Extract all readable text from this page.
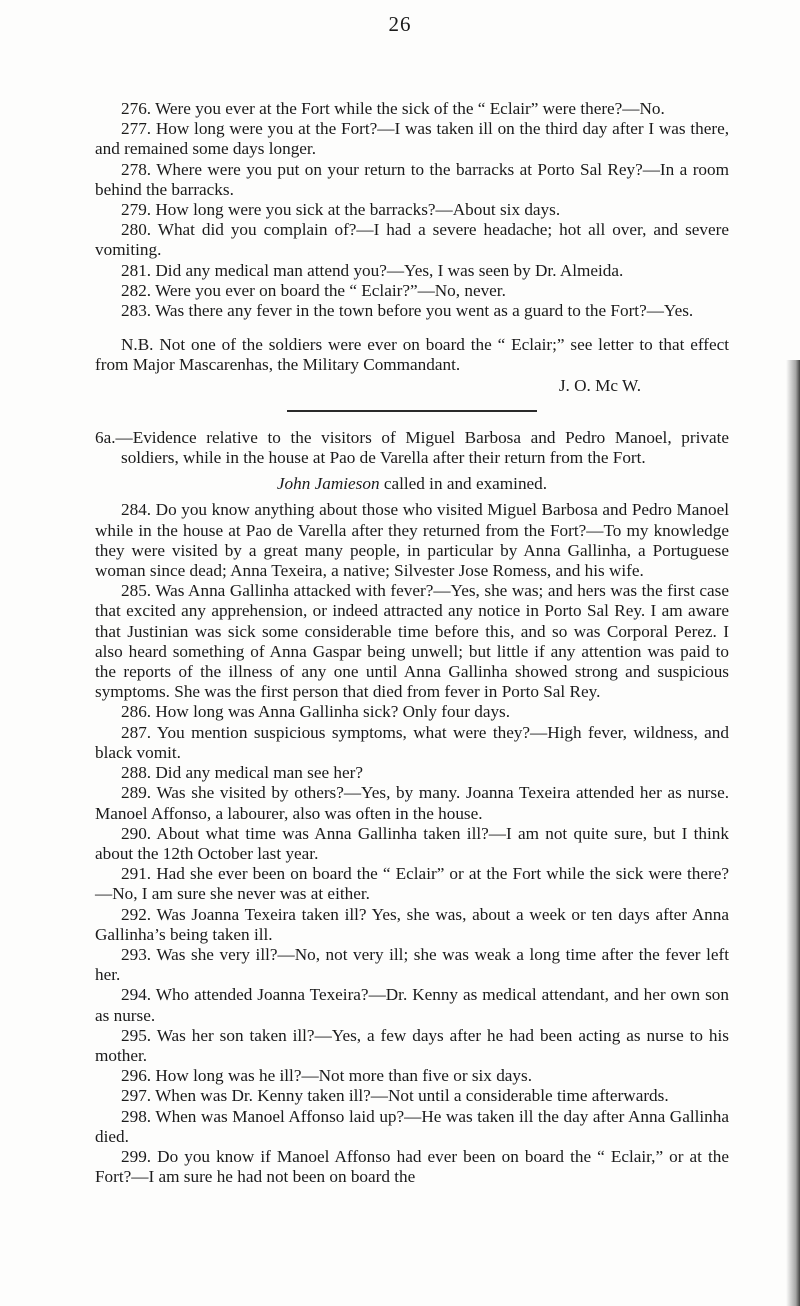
26

276. Were you ever at the Fort while the sick of the “ Eclair” were there?—No.

277. How long were you at the Fort?—I was taken ill on the third day after I was there, and remained some days longer.

278. Where were you put on your return to the barracks at Porto Sal Rey?—In a room behind the barracks.

279. How long were you sick at the barracks?—About six days.

280. What did you complain of?—I had a severe headache; hot all over, and severe vomiting.

281. Did any medical man attend you?—Yes, I was seen by Dr. Almeida.

282. Were you ever on board the “ Eclair?”—No, never.

283. Was there any fever in the town before you went as a guard to the Fort?—Yes.

N.B. Not one of the soldiers were ever on board the “ Eclair;” see letter to that effect from Major Mascarenhas, the Military Commandant.

J. O. Mc W.

6a.—Evidence relative to the visitors of Miguel Barbosa and Pedro Manoel, private soldiers, while in the house at Pao de Varella after their return from the Fort.

John Jamieson called in and examined.

284. Do you know anything about those who visited Miguel Barbosa and Pedro Manoel while in the house at Pao de Varella after they returned from the Fort?—To my knowledge they were visited by a great many people, in particular by Anna Gallinha, a Portuguese woman since dead; Anna Texeira, a native; Silvester Jose Romess, and his wife.

285. Was Anna Gallinha attacked with fever?—Yes, she was; and hers was the first case that excited any apprehension, or indeed attracted any notice in Porto Sal Rey. I am aware that Justinian was sick some considerable time before this, and so was Corporal Perez. I also heard something of Anna Gaspar being unwell; but little if any attention was paid to the reports of the illness of any one until Anna Gallinha showed strong and suspicious symptoms. She was the first person that died from fever in Porto Sal Rey.

286. How long was Anna Gallinha sick? Only four days.

287. You mention suspicious symptoms, what were they?—High fever, wildness, and black vomit.

288. Did any medical man see her?

289. Was she visited by others?—Yes, by many. Joanna Texeira attended her as nurse. Manoel Affonso, a labourer, also was often in the house.

290. About what time was Anna Gallinha taken ill?—I am not quite sure, but I think about the 12th October last year.

291. Had she ever been on board the “ Eclair” or at the Fort while the sick were there?—No, I am sure she never was at either.

292. Was Joanna Texeira taken ill? Yes, she was, about a week or ten days after Anna Gallinha’s being taken ill.

293. Was she very ill?—No, not very ill; she was weak a long time after the fever left her.

294. Who attended Joanna Texeira?—Dr. Kenny as medical attendant, and her own son as nurse.

295. Was her son taken ill?—Yes, a few days after he had been acting as nurse to his mother.

296. How long was he ill?—Not more than five or six days.

297. When was Dr. Kenny taken ill?—Not until a considerable time afterwards.

298. When was Manoel Affonso laid up?—He was taken ill the day after Anna Gallinha died.

299. Do you know if Manoel Affonso had ever been on board the “ Eclair,” or at the Fort?—I am sure he had not been on board the
